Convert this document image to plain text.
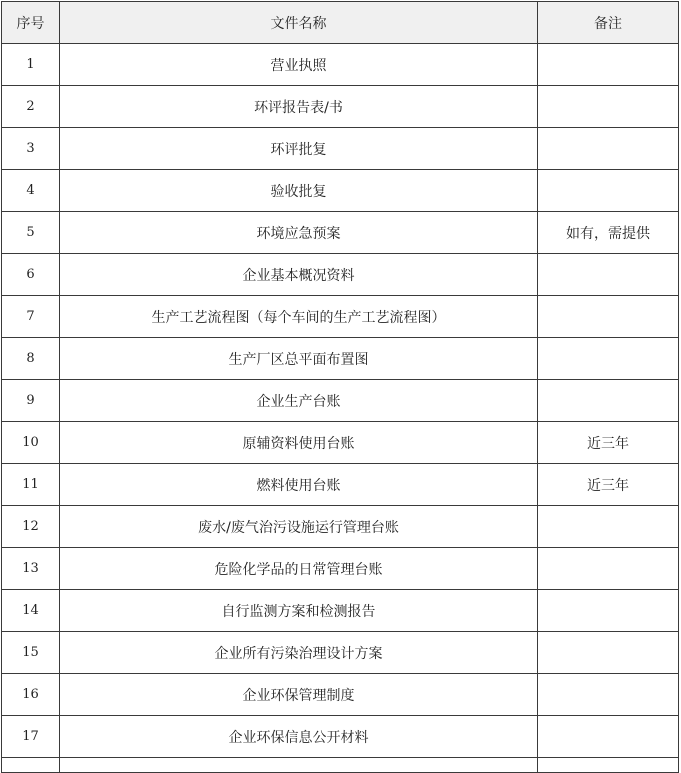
序号	文件名称	备注
1	营业执照	
2	环评报告表/书	
3	环评批复	
4	验收批复	
5	环境应急预案	如有，需提供
6	企业基本概况资料	
7	生产工艺流程图（每个车间的生产工艺流程图）	
8	生产厂区总平面布置图	
9	企业生产台账	
10	原辅资料使用台账	近三年
11	燃料使用台账	近三年
12	废水/废气治污设施运行管理台账	
13	危险化学品的日常管理台账	
14	自行监测方案和检测报告	
15	企业所有污染治理设计方案	
16	企业环保管理制度	
17	企业环保信息公开材料	
